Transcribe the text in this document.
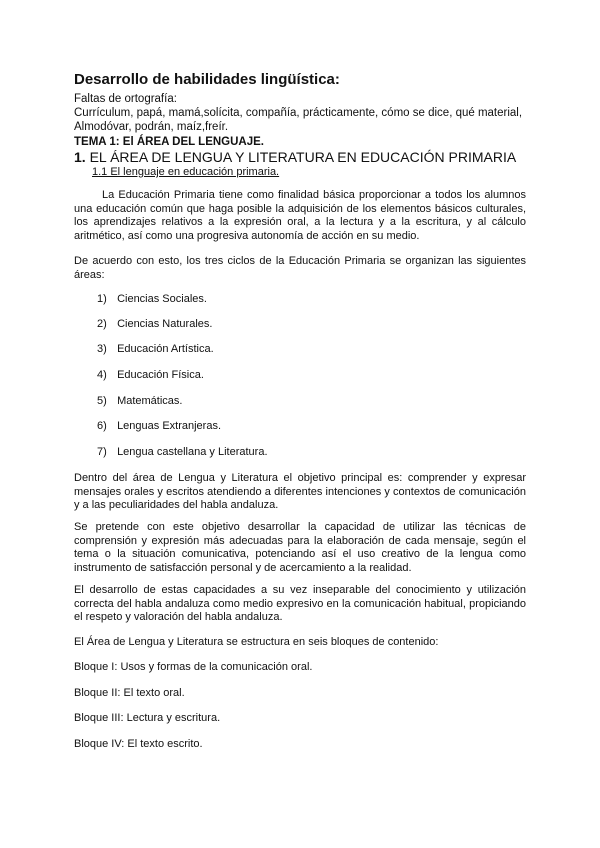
Desarrollo de habilidades lingüística:
Faltas de ortografía:
Currículum, papá, mamá,solícita, compañía, prácticamente, cómo se dice, qué material,
Almodóvar, podrán, maíz,freír.
TEMA 1: El ÁREA DEL LENGUAJE.
1. EL ÁREA DE LENGUA Y LITERATURA EN EDUCACIÓN PRIMARIA
1.1 El lenguaje en educación primaria.
La Educación Primaria tiene como finalidad básica proporcionar a todos los alumnos una educación común que haga posible la adquisición de los elementos básicos culturales, los aprendizajes relativos a la expresión oral, a la lectura y a la escritura, y al cálculo aritmético, así como una progresiva autonomía de acción en su medio.
De acuerdo con esto, los tres ciclos de la Educación Primaria se organizan las siguientes áreas:
1) Ciencias Sociales.
2) Ciencias Naturales.
3) Educación Artística.
4) Educación Física.
5) Matemáticas.
6) Lenguas Extranjeras.
7) Lengua castellana y Literatura.
Dentro del área de Lengua y Literatura el objetivo principal es: comprender y expresar mensajes orales y escritos atendiendo a diferentes intenciones y contextos de comunicación y a las peculiaridades del habla andaluza.
Se pretende con este objetivo desarrollar la capacidad de utilizar las técnicas de comprensión y expresión más adecuadas para la elaboración de cada mensaje, según el tema o la situación comunicativa, potenciando así el uso creativo de la lengua como instrumento de satisfacción personal y de acercamiento a la realidad.
El desarrollo de estas capacidades a su vez inseparable del conocimiento y utilización correcta del habla andaluza como medio expresivo en la comunicación habitual, propiciando el respeto y valoración del habla andaluza.
El Área de Lengua y Literatura se estructura en seis bloques de contenido:
Bloque I: Usos y formas de la comunicación oral.
Bloque II: El texto oral.
Bloque III: Lectura y escritura.
Bloque IV: El texto escrito.
